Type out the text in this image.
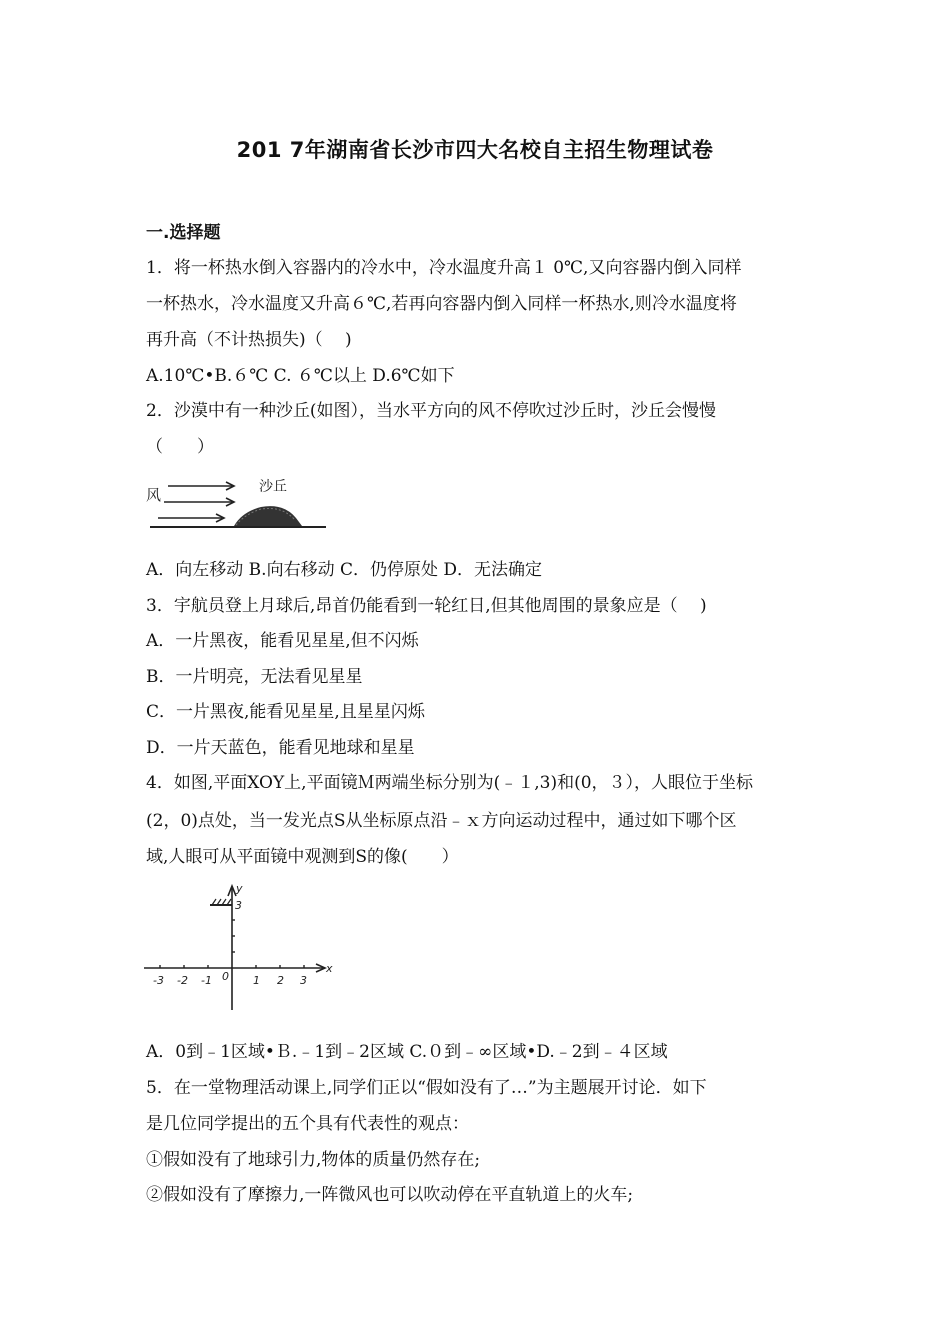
201 7年湖南省长沙市四大名校自主招生物理试卷
一.选择题
1．将一杯热水倒入容器内的冷水中，冷水温度升高１ 0℃,又向容器内倒入同样
一杯热水，冷水温度又升高６℃,若再向容器内倒入同样一杯热水,则冷水温度将
再升高（不计热损失)（　 )
A.10℃•B.６℃ C. ６℃以上 D.6℃如下
2．沙漠中有一种沙丘(如图），当水平方向的风不停吹过沙丘时，沙丘会慢慢
（　　）
风	沙丘
A．向左移动 B.向右移动 C．仍停原处 D．无法确定
3．宇航员登上月球后,昂首仍能看到一轮红日,但其他周围的景象应是（　 )
A．一片黑夜，能看见星星,但不闪烁
B．一片明亮，无法看见星星
C．一片黑夜,能看见星星,且星星闪烁
D．一片天蓝色，能看见地球和星星
4．如图,平面XOY上,平面镜Ｍ两端坐标分别为(﹣１,3)和(0，３），人眼位于坐标
(2，0)点处，当一发光点S从坐标原点沿﹣ｘ方向运动过程中，通过如下哪个区
域,人眼可从平面镜中观测到S的像(　　）
x
y
3
0
-3 -2 -1	1 2 3
A．0到﹣1区域•Ｂ.﹣1到﹣2区域 C.０到﹣∞区域•D.﹣2到﹣４区域
5．在一堂物理活动课上,同学们正以“假如没有了…”为主题展开讨论．如下
是几位同学提出的五个具有代表性的观点：
①假如没有了地球引力,物体的质量仍然存在;
②假如没有了摩擦力,一阵微风也可以吹动停在平直轨道上的火车;
